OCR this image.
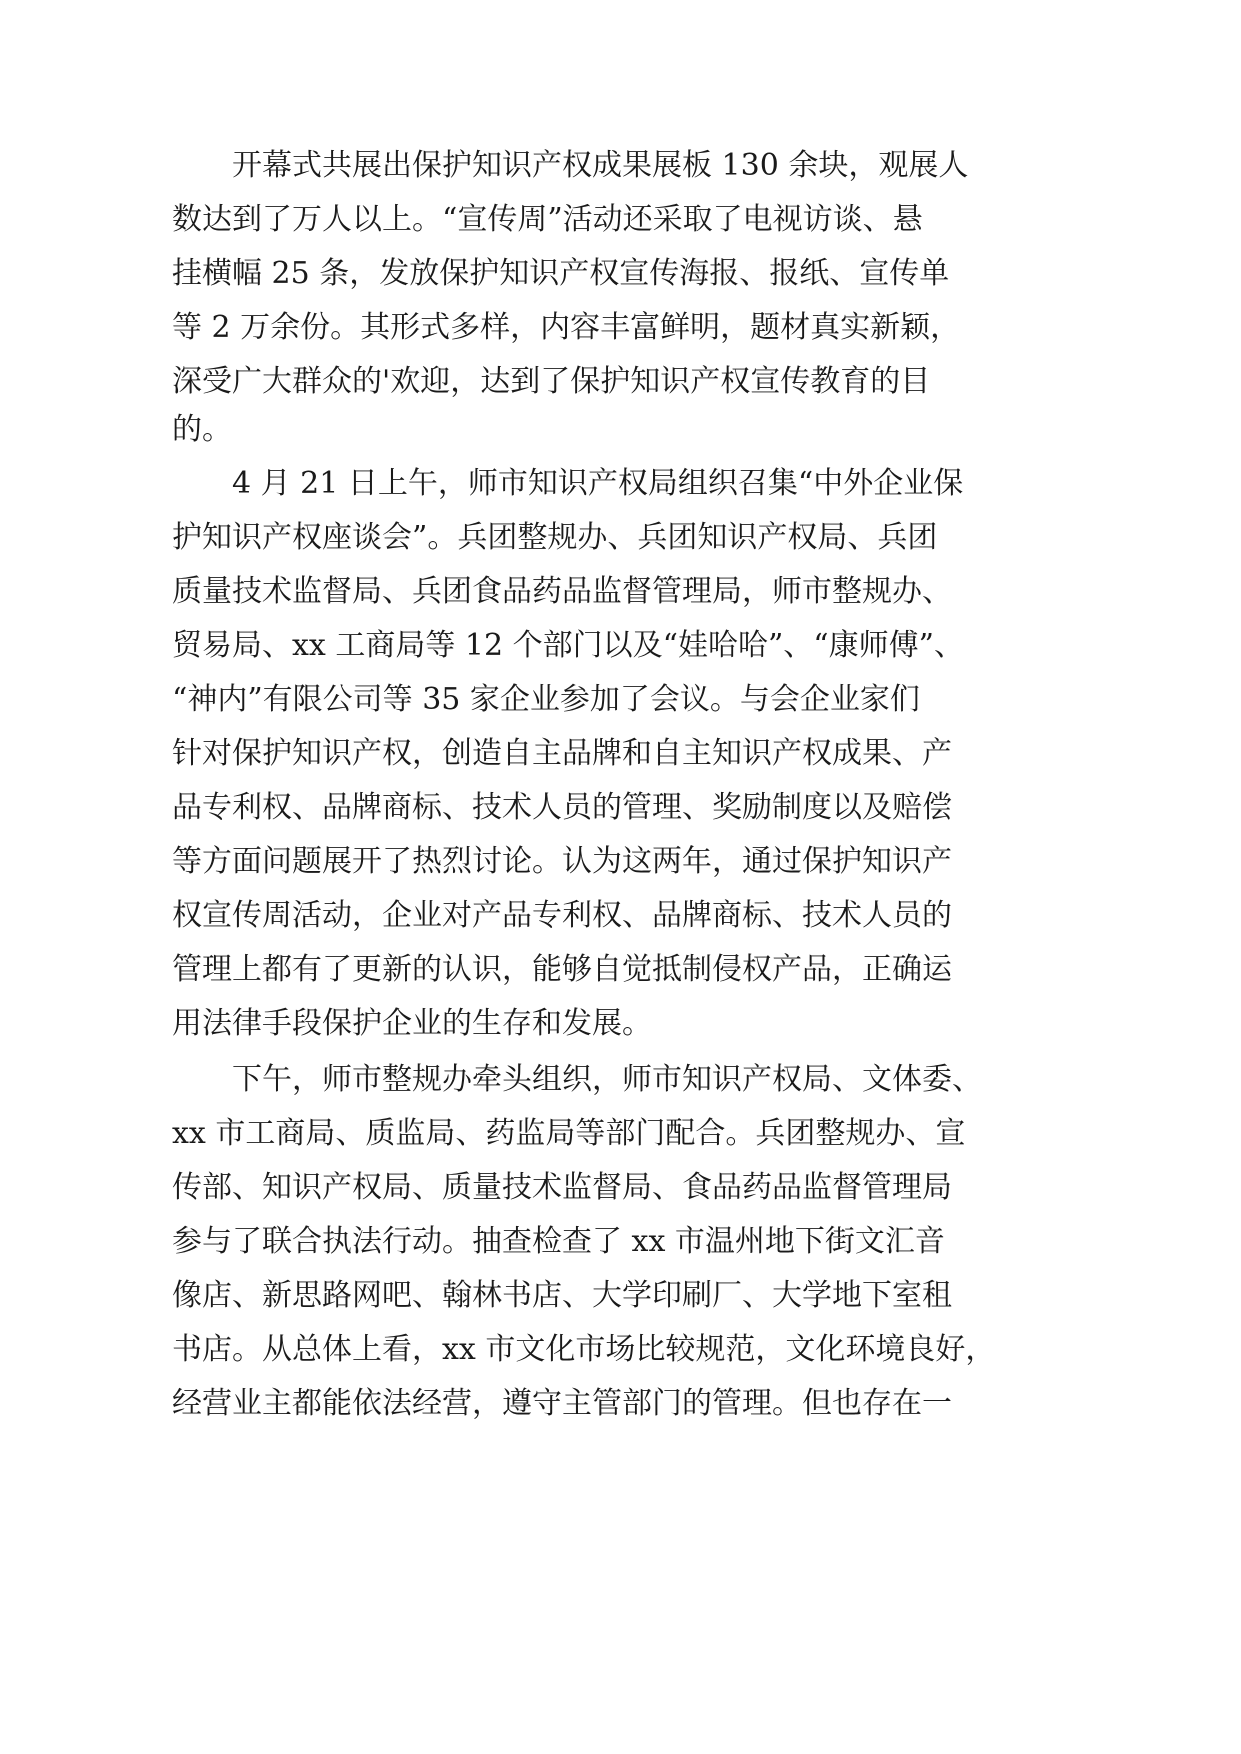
开幕式共展出保护知识产权成果展板 130 余块，观展人

数达到了万人以上。“宣传周”活动还采取了电视访谈、悬

挂横幅 25 条，发放保护知识产权宣传海报、报纸、宣传单

等 2 万余份。其形式多样，内容丰富鲜明，题材真实新颖，

深受广大群众的'欢迎，达到了保护知识产权宣传教育的目

的。

4 月 21 日上午，师市知识产权局组织召集“中外企业保

护知识产权座谈会”。兵团整规办、兵团知识产权局、兵团

质量技术监督局、兵团食品药品监督管理局，师市整规办、

贸易局、xx 工商局等 12 个部门以及“娃哈哈”、“康师傅”、

“神内”有限公司等 35 家企业参加了会议。与会企业家们

针对保护知识产权，创造自主品牌和自主知识产权成果、产

品专利权、品牌商标、技术人员的管理、奖励制度以及赔偿

等方面问题展开了热烈讨论。认为这两年，通过保护知识产

权宣传周活动，企业对产品专利权、品牌商标、技术人员的

管理上都有了更新的认识，能够自觉抵制侵权产品，正确运

用法律手段保护企业的生存和发展。

下午，师市整规办牵头组织，师市知识产权局、文体委、

xx 市工商局、质监局、药监局等部门配合。兵团整规办、宣

传部、知识产权局、质量技术监督局、食品药品监督管理局

参与了联合执法行动。抽查检查了 xx 市温州地下街文汇音

像店、新思路网吧、翰林书店、大学印刷厂、大学地下室租

书店。从总体上看，xx 市文化市场比较规范，文化环境良好，

经营业主都能依法经营，遵守主管部门的管理。但也存在一
